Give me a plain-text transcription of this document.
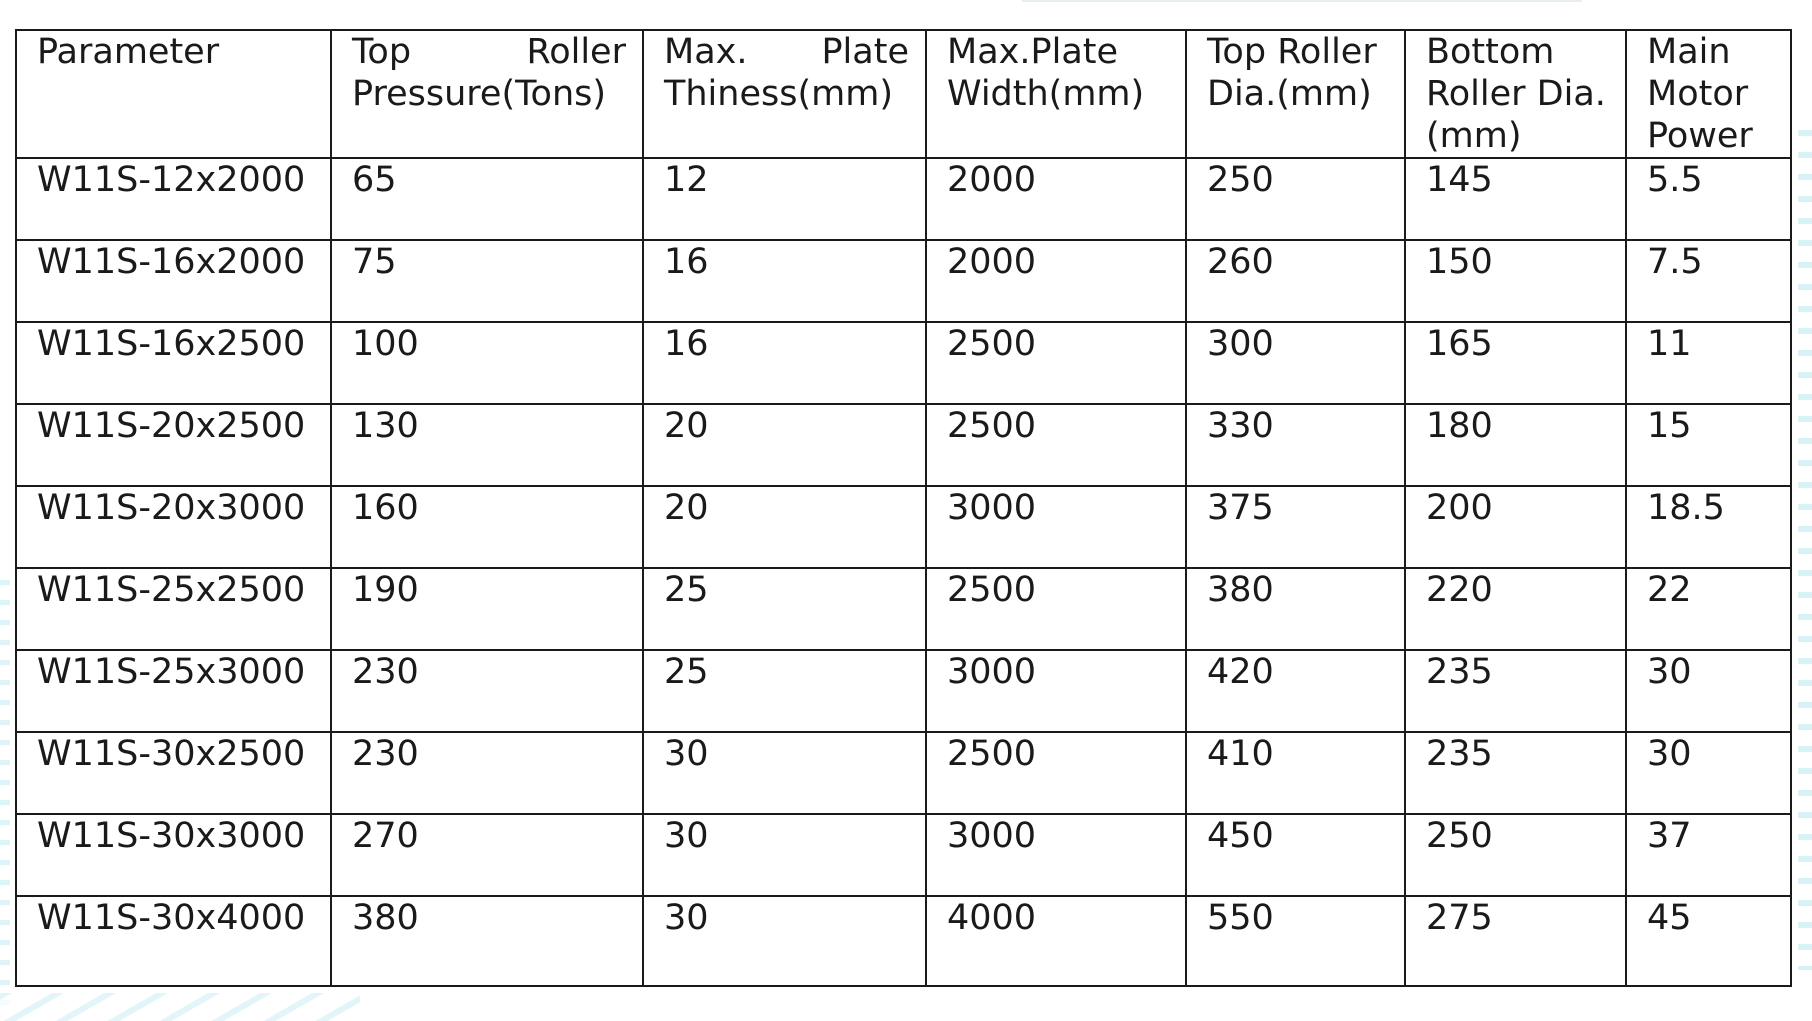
Parameter	Top Roller Pressure(Tons)	Max. Plate Thiness(mm)	Max.Plate Width(mm)	Top Roller Dia.(mm)	Bottom Roller Dia.(mm)	Main Motor Power
W11S-12x2000	65	12	2000	250	145	5.5
W11S-16x2000	75	16	2000	260	150	7.5
W11S-16x2500	100	16	2500	300	165	11
W11S-20x2500	130	20	2500	330	180	15
W11S-20x3000	160	20	3000	375	200	18.5
W11S-25x2500	190	25	2500	380	220	22
W11S-25x3000	230	25	3000	420	235	30
W11S-30x2500	230	30	2500	410	235	30
W11S-30x3000	270	30	3000	450	250	37
W11S-30x4000	380	30	4000	550	275	45
